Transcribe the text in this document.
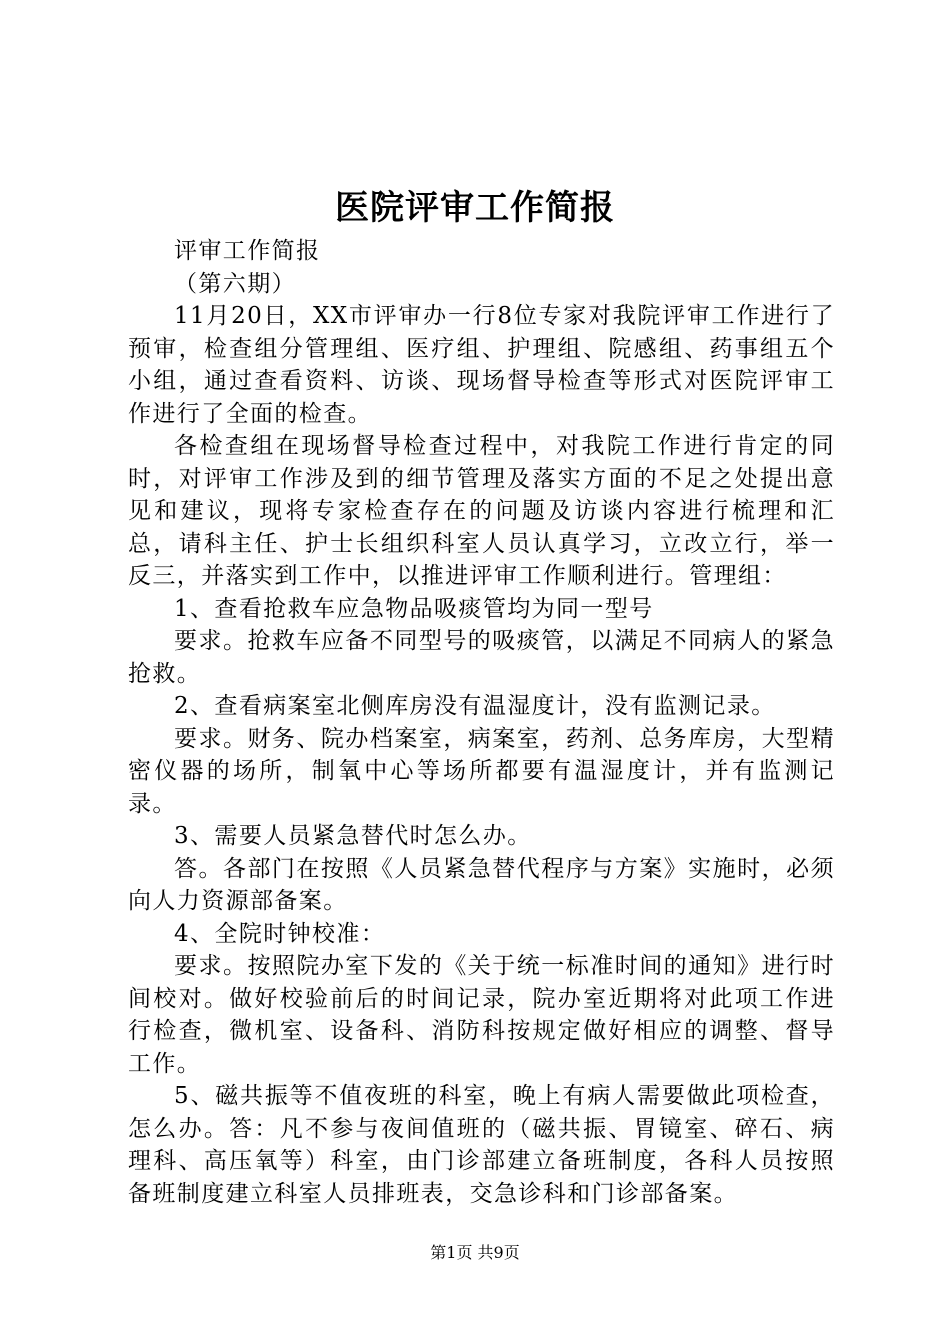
医院评审工作简报

评审工作简报

（第六期）

11月20日，XX市评审办一行8位专家对我院评审工作进行了预审，检查组分管理组、医疗组、护理组、院感组、药事组五个小组，通过查看资料、访谈、现场督导检查等形式对医院评审工作进行了全面的检查。

各检查组在现场督导检查过程中，对我院工作进行肯定的同时，对评审工作涉及到的细节管理及落实方面的不足之处提出意见和建议，现将专家检查存在的问题及访谈内容进行梳理和汇总，请科主任、护士长组织科室人员认真学习，立改立行，举一反三，并落实到工作中，以推进评审工作顺利进行。管理组：

1、查看抢救车应急物品吸痰管均为同一型号

要求。抢救车应备不同型号的吸痰管，以满足不同病人的紧急抢救。

2、查看病案室北侧库房没有温湿度计，没有监测记录。

要求。财务、院办档案室，病案室，药剂、总务库房，大型精密仪器的场所，制氧中心等场所都要有温湿度计，并有监测记录。

3、需要人员紧急替代时怎么办。

答。各部门在按照《人员紧急替代程序与方案》实施时，必须向人力资源部备案。

4、全院时钟校准：

要求。按照院办室下发的《关于统一标准时间的通知》进行时间校对。做好校验前后的时间记录，院办室近期将对此项工作进行检查，微机室、设备科、消防科按规定做好相应的调整、督导工作。

5、磁共振等不值夜班的科室，晚上有病人需要做此项检查，怎么办。答：凡不参与夜间值班的（磁共振、胃镜室、碎石、病理科、高压氧等）科室，由门诊部建立备班制度，各科人员按照备班制度建立科室人员排班表，交急诊科和门诊部备案。

第1页 共9页
